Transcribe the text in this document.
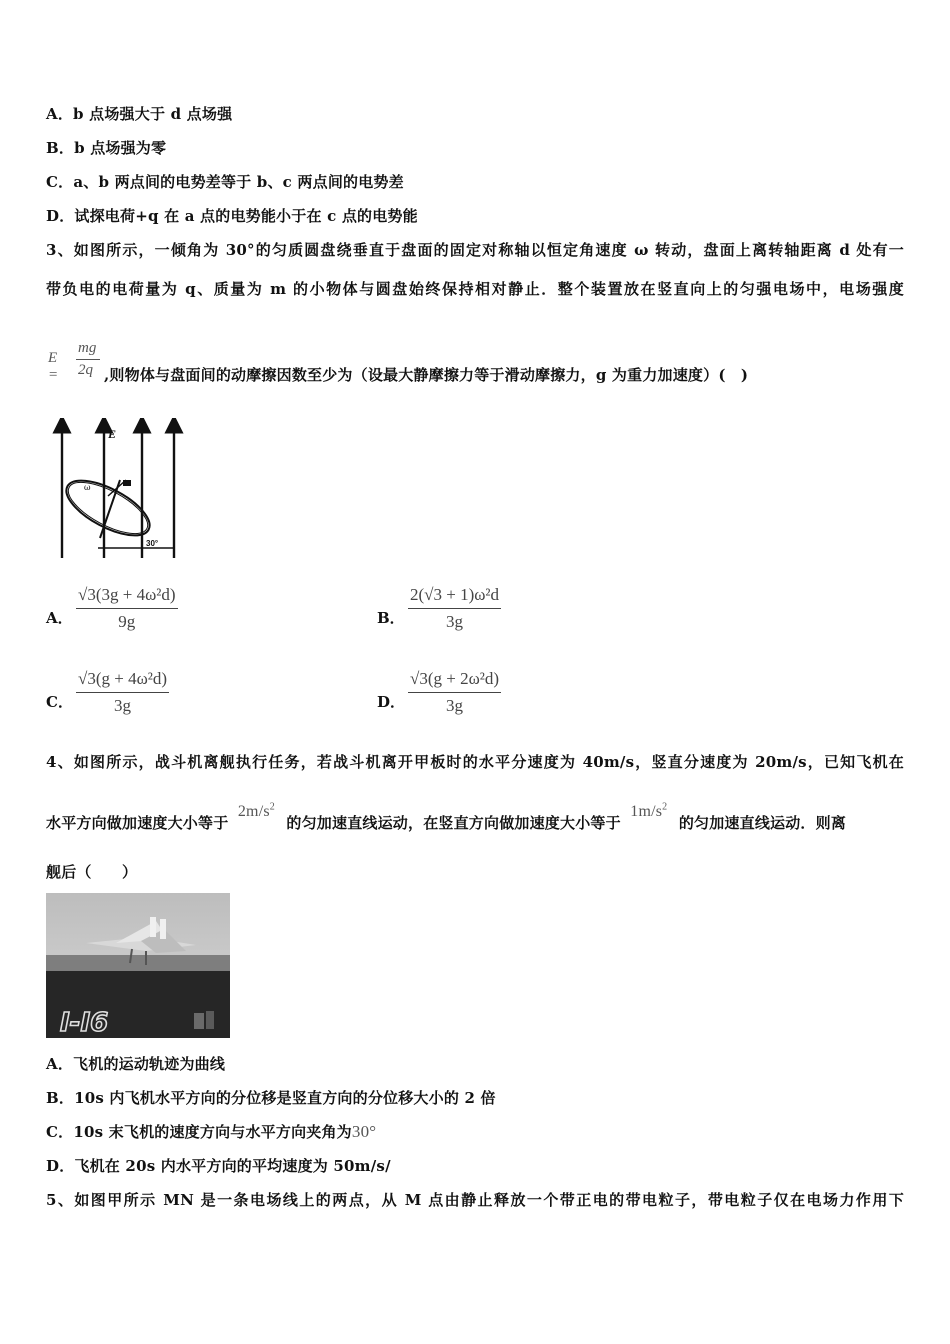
A．b 点场强大于 d 点场强
B．b 点场强为零
C．a、b 两点间的电势差等于 b、c 两点间的电势差
D．试探电荷+q 在 a 点的电势能小于在 c 点的电势能
3、如图所示，一倾角为 30°的匀质圆盘绕垂直于盘面的固定对称轴以恒定角速度 ω 转动，盘面上离转轴距离 d 处有一
带负电的电荷量为 q、质量为 m 的小物体与圆盘始终保持相对静止．整个装置放在竖直向上的匀强电场中，电场强度
E =
mg
2q ,则物体与盘面间的动摩擦因数至少为（设最大静摩擦力等于滑动摩擦力，g 为重力加速度）(　)
E
ω
30°
A． $\frac{\text{√3(3g + 4ω²d)}}{9g}$	B． $\frac{\text{2(√3 + 1)ω²d}}{3g}$
C． $\frac{\text{√3(g + 4ω²d)}}{3g}$	D． $\frac{\text{√3(g + 2ω²d)}}{3g}$
4、如图所示，战斗机离舰执行任务，若战斗机离开甲板时的水平分速度为 40m/s，竖直分速度为 20m/s，已知飞机在
水平方向做加速度大小等于 $2m/s^2$ 的匀加速直线运动，在竖直方向做加速度大小等于 $1m/s^2$ 的匀加速直线运动．则离
舰后（　　）
I-I6
A．飞机的运动轨迹为曲线
B．10s 内飞机水平方向的分位移是竖直方向的分位移大小的 2 倍
C．10s 末飞机的速度方向与水平方向夹角为30°
D．飞机在 20s 内水平方向的平均速度为 50m/s/
5、如图甲所示 MN 是一条电场线上的两点，从 M 点由静止释放一个带正电的带电粒子，带电粒子仅在电场力作用下
